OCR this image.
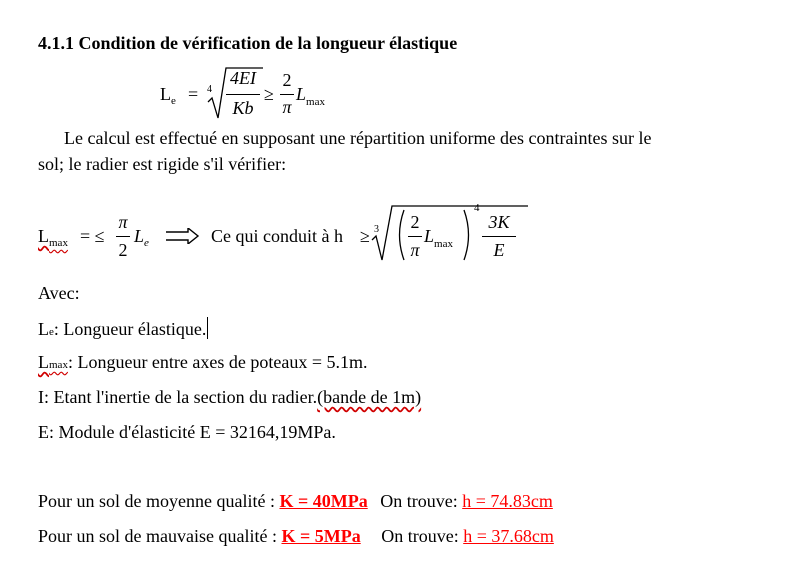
4.1.1 Condition de vérification de la longueur élastique
$L_e = 4$
4EI
Kb
≥
2
π
$L_{max}$
Le calcul est effectué en supposant une répartition uniforme des contraintes sur le
sol; le radier est rigide s'il vérifier:
$L_{max}$ = ≤
π
2
$L_e$	Ce qui conduit à h ≥ 3 2
π
$L_{max}$
4
3K
E
Avec:
Le: Longueur élastique.
Lmax: Longueur entre axes de poteaux = 5.1m.
I: Etant l'inertie de la section du radier.(bande de 1m)
E: Module d'élasticité E = 32164,19MPa.
Pour un sol de moyenne qualité : K = 40MPa On trouve: h = 74.83cm
Pour un sol de mauvaise qualité : K = 5MPa On trouve: h = 37.68cm
